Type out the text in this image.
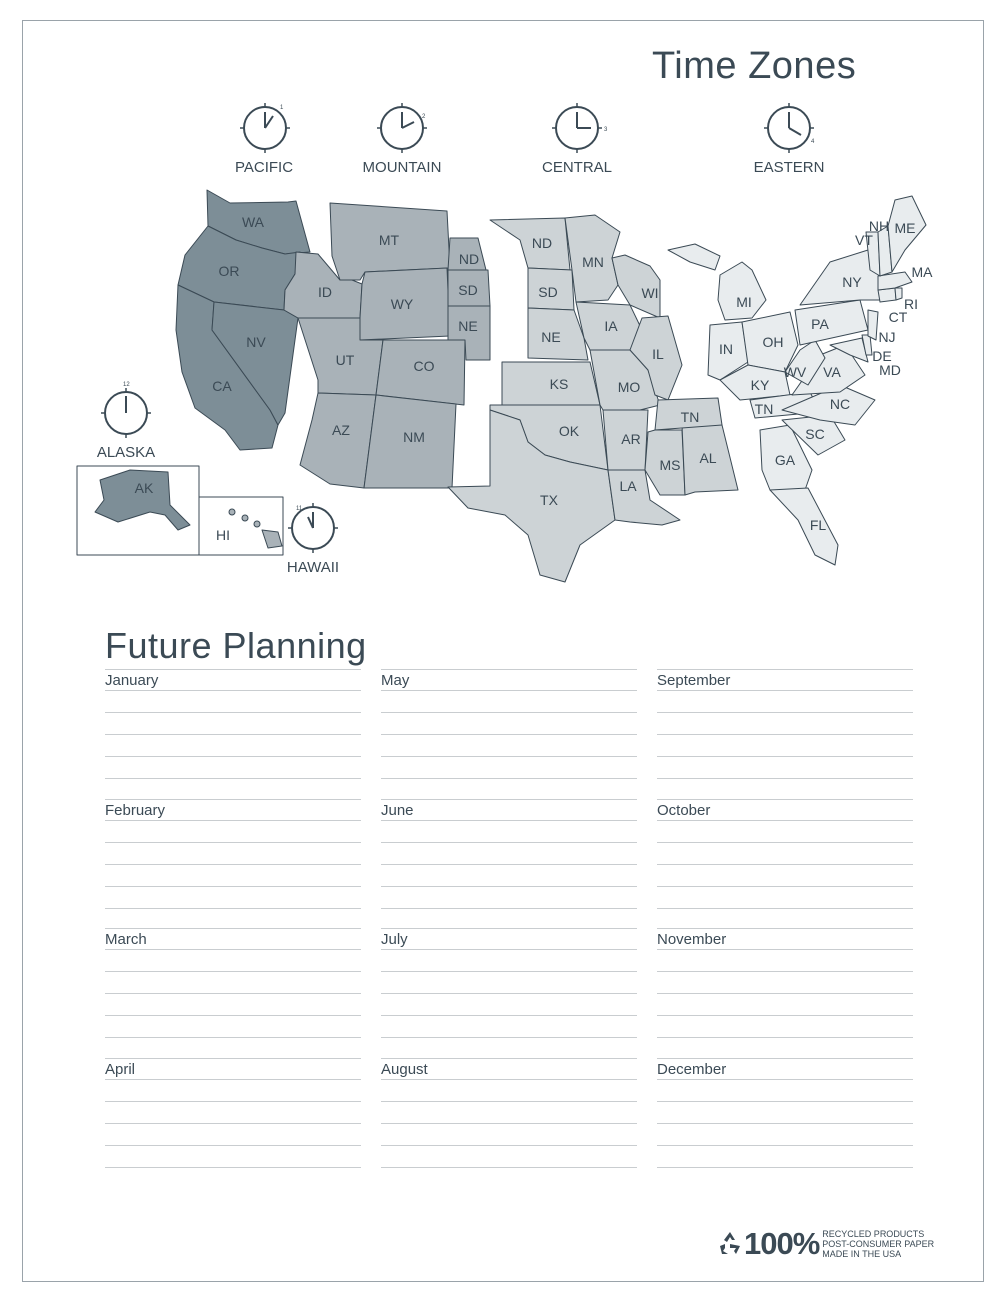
Time Zones
1
PACIFIC
2
MOUNTAIN
3
CENTRAL
4
EASTERN
12
ALASKA
11
HAWAII
WA
OR
CA
NV
ID
MT
WY
UT	CO
AZ	NM
ND
SD
NE
ND
SD
NE
KS
OK
TX
MN
IA
MO
AR
LA
WI
IL
MS AL
TN
MI
IN OH
KY
TN
GA
FL
SC
NC
VA
WV
PA
NY
MD
DE
NJ
CT
RI
MA
VT
NH ME
AK
HI
Future Planning
January
February
March
April
May
June
July
August
September
October
November
December
100% RECYCLED PRODUCTS
POST-CONSUMER PAPER
MADE IN THE USA
